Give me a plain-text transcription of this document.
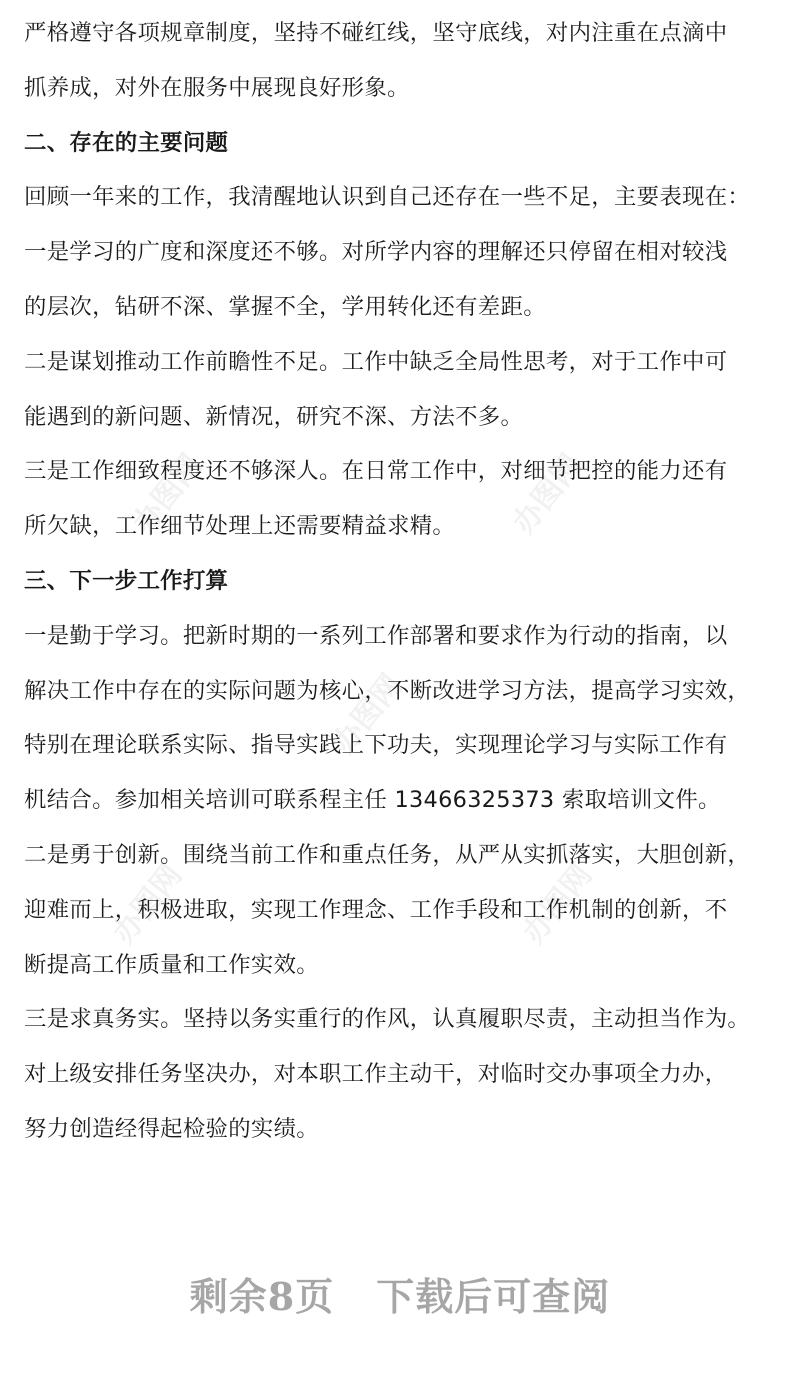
办图网	办图网
办图网
办图网	办图网
严格遵守各项规章制度，坚持不碰红线，坚守底线，对内注重在点滴中
抓养成，对外在服务中展现良好形象。
二、存在的主要问题
回顾一年来的工作，我清醒地认识到自己还存在一些不足，主要表现在：
一是学习的广度和深度还不够。对所学内容的理解还只停留在相对较浅
的层次，钻研不深、掌握不全，学用转化还有差距。
二是谋划推动工作前瞻性不足。工作中缺乏全局性思考，对于工作中可
能遇到的新问题、新情况，研究不深、方法不多。
三是工作细致程度还不够深人。在日常工作中，对细节把控的能力还有
所欠缺，工作细节处理上还需要精益求精。
三、下一步工作打算
一是勤于学习。把新时期的一系列工作部署和要求作为行动的指南，以
解决工作中存在的实际问题为核心，不断改进学习方法，提高学习实效，
特别在理论联系实际、指导实践上下功夫，实现理论学习与实际工作有
机结合。参加相关培训可联系程主任 13466325373 索取培训文件。
二是勇于创新。围绕当前工作和重点任务，从严从实抓落实，大胆创新，
迎难而上，积极进取，实现工作理念、工作手段和工作机制的创新，不
断提高工作质量和工作实效。
三是求真务实。坚持以务实重行的作风，认真履职尽责，主动担当作为。
对上级安排任务坚决办，对本职工作主动干，对临时交办事项全力办，
努力创造经得起检验的实绩。
剩余8页 下载后可查阅
